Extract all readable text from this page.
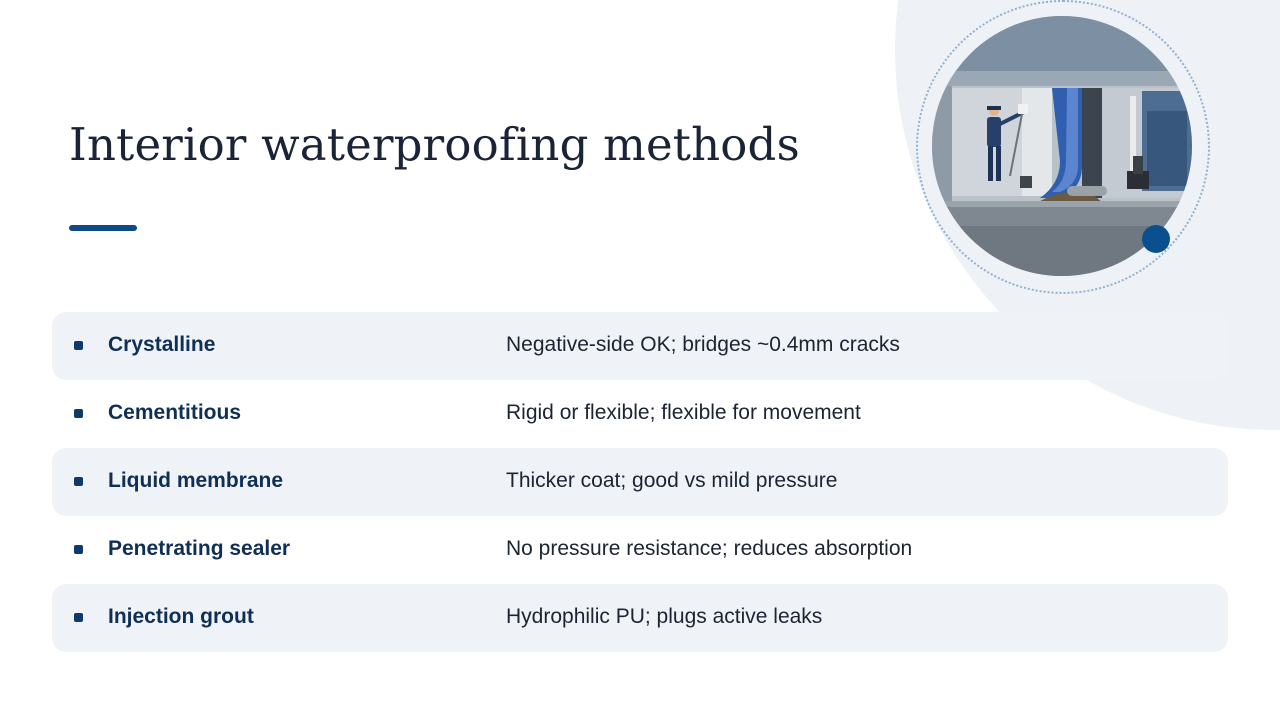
Interior waterproofing methods
Crystalline	Negative-side OK; bridges ~0.4mm cracks
Cementitious	Rigid or flexible; flexible for movement
Liquid membrane	Thicker coat; good vs mild pressure
Penetrating sealer	No pressure resistance; reduces absorption
Injection grout	Hydrophilic PU; plugs active leaks
